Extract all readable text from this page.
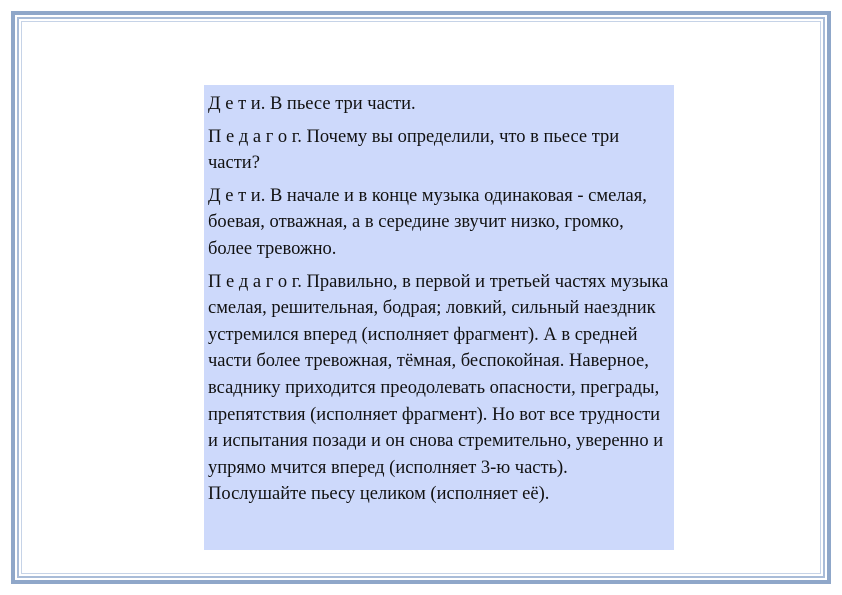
Д е т и. В пьесе три части.

П е д а г о г. Почему вы определили, что в пьесе три части?

Д е т и. В начале и в конце музыка одинаковая - смелая, боевая, отважная, а в середине звучит низко, громко, более тревожно.

П е д а г о г. Правильно, в первой и третьей частях музыка смелая, решительная, бодрая; ловкий, сильный наездник устремился вперед (исполняет фрагмент). А в средней части более тревожная, тёмная, беспокойная. Наверное, всаднику приходится преодолевать опасности, преграды, препятствия (исполняет фрагмент). Но вот все трудности и испытания позади и он снова стремительно, уверенно и упрямо мчится вперед (исполняет 3-ю часть). Послушайте пьесу целиком (исполняет её).
